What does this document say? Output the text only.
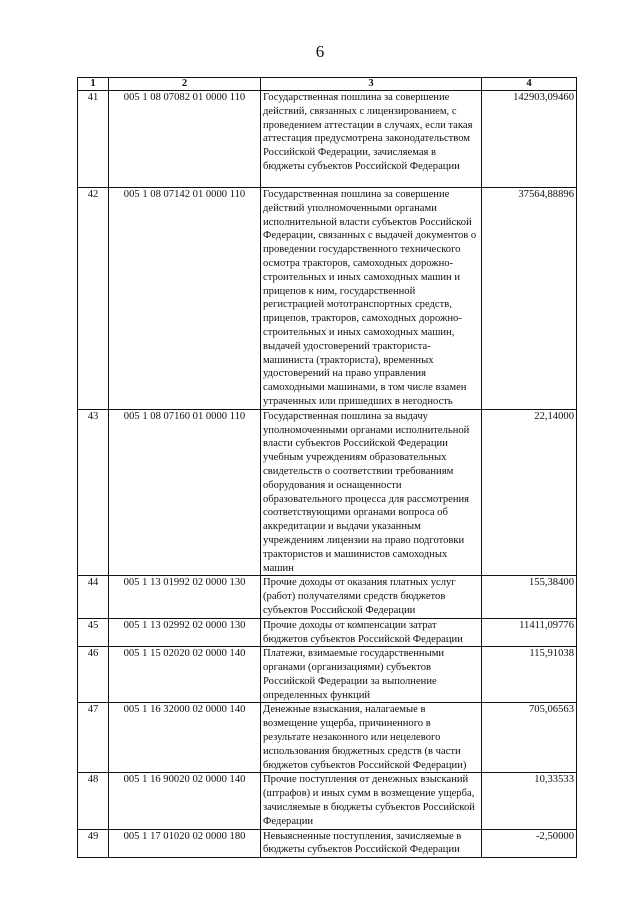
6
1	2	3	4
41	005 1 08 07082 01 0000 110	Государственная пошлина за совершение действий, связанных с лицензированием, с проведением аттестации в случаях, если такая аттестация предусмотрена законодательством Российской Федерации, зачисляемая в бюджеты субъектов Российской Федерации	142903,09460
42	005 1 08 07142 01 0000 110	Государственная пошлина за совершение действий уполномоченными органами исполнительной власти субъектов Российской Федерации, связанных с выдачей документов о проведении государственного технического осмотра тракторов, самоходных дорожно-строительных и иных самоходных машин и прицепов к ним, государственной регистрацией мототранспортных средств, прицепов, тракторов, самоходных дорожно-строительных и иных самоходных машин, выдачей удостоверений тракториста-машиниста (тракториста), временных удостоверений на право управления самоходными машинами, в том числе взамен утраченных или пришедших в негодность	37564,88896
43	005 1 08 07160 01 0000 110	Государственная пошлина за выдачу уполномоченными органами исполнительной власти субъектов Российской Федерации учебным учреждениям образовательных свидетельств о соответствии требованиям оборудования и оснащенности образовательного процесса для рассмотрения соответствующими органами вопроса об аккредитации и выдачи указанным учреждениям лицензии на право подготовки трактористов и машинистов самоходных машин	22,14000
44	005 1 13 01992 02 0000 130	Прочие доходы от оказания платных услуг (работ) получателями средств бюджетов субъектов Российской Федерации	155,38400
45	005 1 13 02992 02 0000 130	Прочие доходы от компенсации затрат бюджетов субъектов Российской Федерации	11411,09776
46	005 1 15 02020 02 0000 140	Платежи, взимаемые государственными органами (организациями) субъектов Российской Федерации за выполнение определенных функций	115,91038
47	005 1 16 32000 02 0000 140	Денежные взыскания, налагаемые в возмещение ущерба, причиненного в результате незаконного или нецелевого использования бюджетных средств (в части бюджетов субъектов Российской Федерации)	705,06563
48	005 1 16 90020 02 0000 140	Прочие поступления от денежных взысканий (штрафов) и иных сумм в возмещение ущерба, зачисляемые в бюджеты субъектов Российской Федерации	10,33533
49	005 1 17 01020 02 0000 180	Невыясненные поступления, зачисляемые в бюджеты субъектов Российской Федерации	-2,50000
